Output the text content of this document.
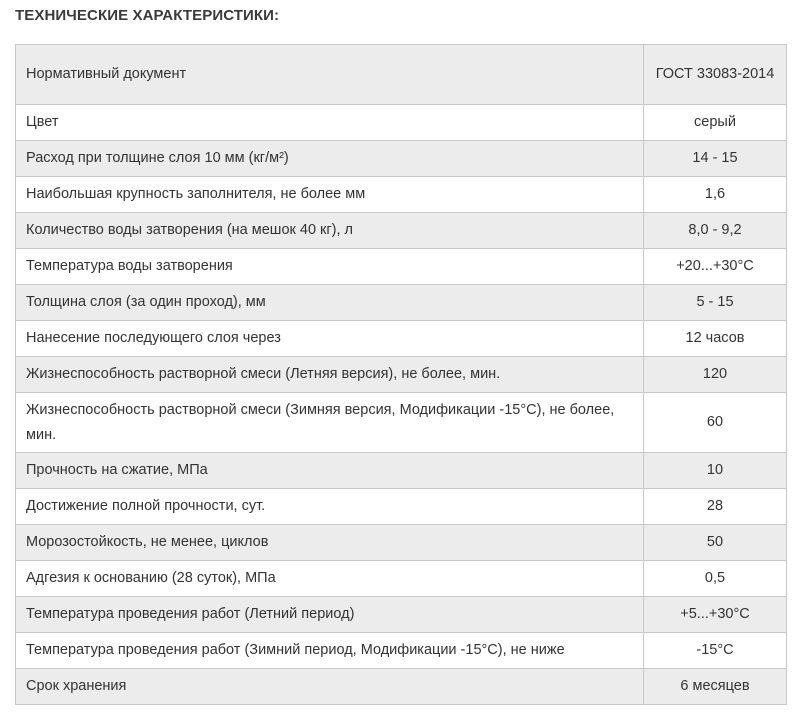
ТЕХНИЧЕСКИЕ ХАРАКТЕРИСТИКИ:
Нормативный документ	ГОСТ 33083-2014
Цвет	серый
Расход при толщине слоя 10 мм (кг/м²)	14 - 15
Наибольшая крупность заполнителя, не более мм	1,6
Количество воды затворения (на мешок 40 кг), л	8,0 - 9,2
Температура воды затворения	+20...+30°С
Толщина слоя (за один проход), мм	5 - 15
Нанесение последующего слоя через	12 часов
Жизнеспособность растворной смеси (Летняя версия), не более, мин.	120
Жизнеспособность растворной смеси (Зимняя версия, Модификации -15°С), не более, мин.	60
Прочность на сжатие, МПа	10
Достижение полной прочности, сут.	28
Морозостойкость, не менее, циклов	50
Адгезия к основанию (28 суток), МПа	0,5
Температура проведения работ (Летний период)	+5...+30°С
Температура проведения работ (Зимний период, Модификации -15°С), не ниже	-15°С
Срок хранения	6 месяцев
